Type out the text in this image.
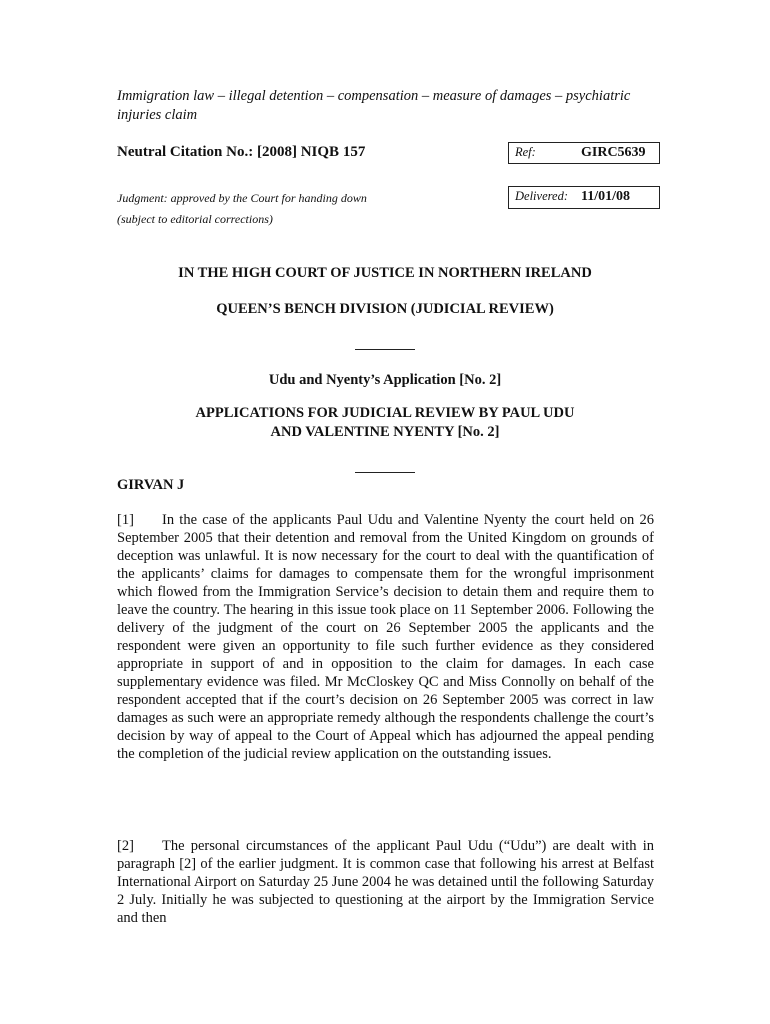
Immigration law – illegal detention – compensation – measure of damages – psychiatric injuries claim
Neutral Citation No.: [2008] NIQB 157	Ref:	GIRC5639
Judgment: approved by the Court for handing down
(subject to editorial corrections)
Delivered: 11/01/08
IN THE HIGH COURT OF JUSTICE IN NORTHERN IRELAND
QUEEN’S BENCH DIVISION (JUDICIAL REVIEW)
Udu and Nyenty’s Application [No. 2]
APPLICATIONS FOR JUDICIAL REVIEW BY PAUL UDU
AND VALENTINE NYENTY [No. 2]
GIRVAN J
[1] In the case of the applicants Paul Udu and Valentine Nyenty the court held on 26 September 2005 that their detention and removal from the United Kingdom on grounds of deception was unlawful. It is now necessary for the court to deal with the quantification of the applicants’ claims for damages to compensate them for the wrongful imprisonment which flowed from the Immigration Service’s decision to detain them and require them to leave the country. The hearing in this issue took place on 11 September 2006. Following the delivery of the judgment of the court on 26 September 2005 the applicants and the respondent were given an opportunity to file such further evidence as they considered appropriate in support of and in opposition to the claim for damages. In each case supplementary evidence was filed. Mr McCloskey QC and Miss Connolly on behalf of the respondent accepted that if the court’s decision on 26 September 2005 was correct in law damages as such were an appropriate remedy although the respondents challenge the court’s decision by way of appeal to the Court of Appeal which has adjourned the appeal pending the completion of the judicial review application on the outstanding issues.
[2] The personal circumstances of the applicant Paul Udu (“Udu”) are dealt with in paragraph [2] of the earlier judgment. It is common case that following his arrest at Belfast International Airport on Saturday 25 June 2004 he was detained until the following Saturday 2 July. Initially he was subjected to questioning at the airport by the Immigration Service and then
